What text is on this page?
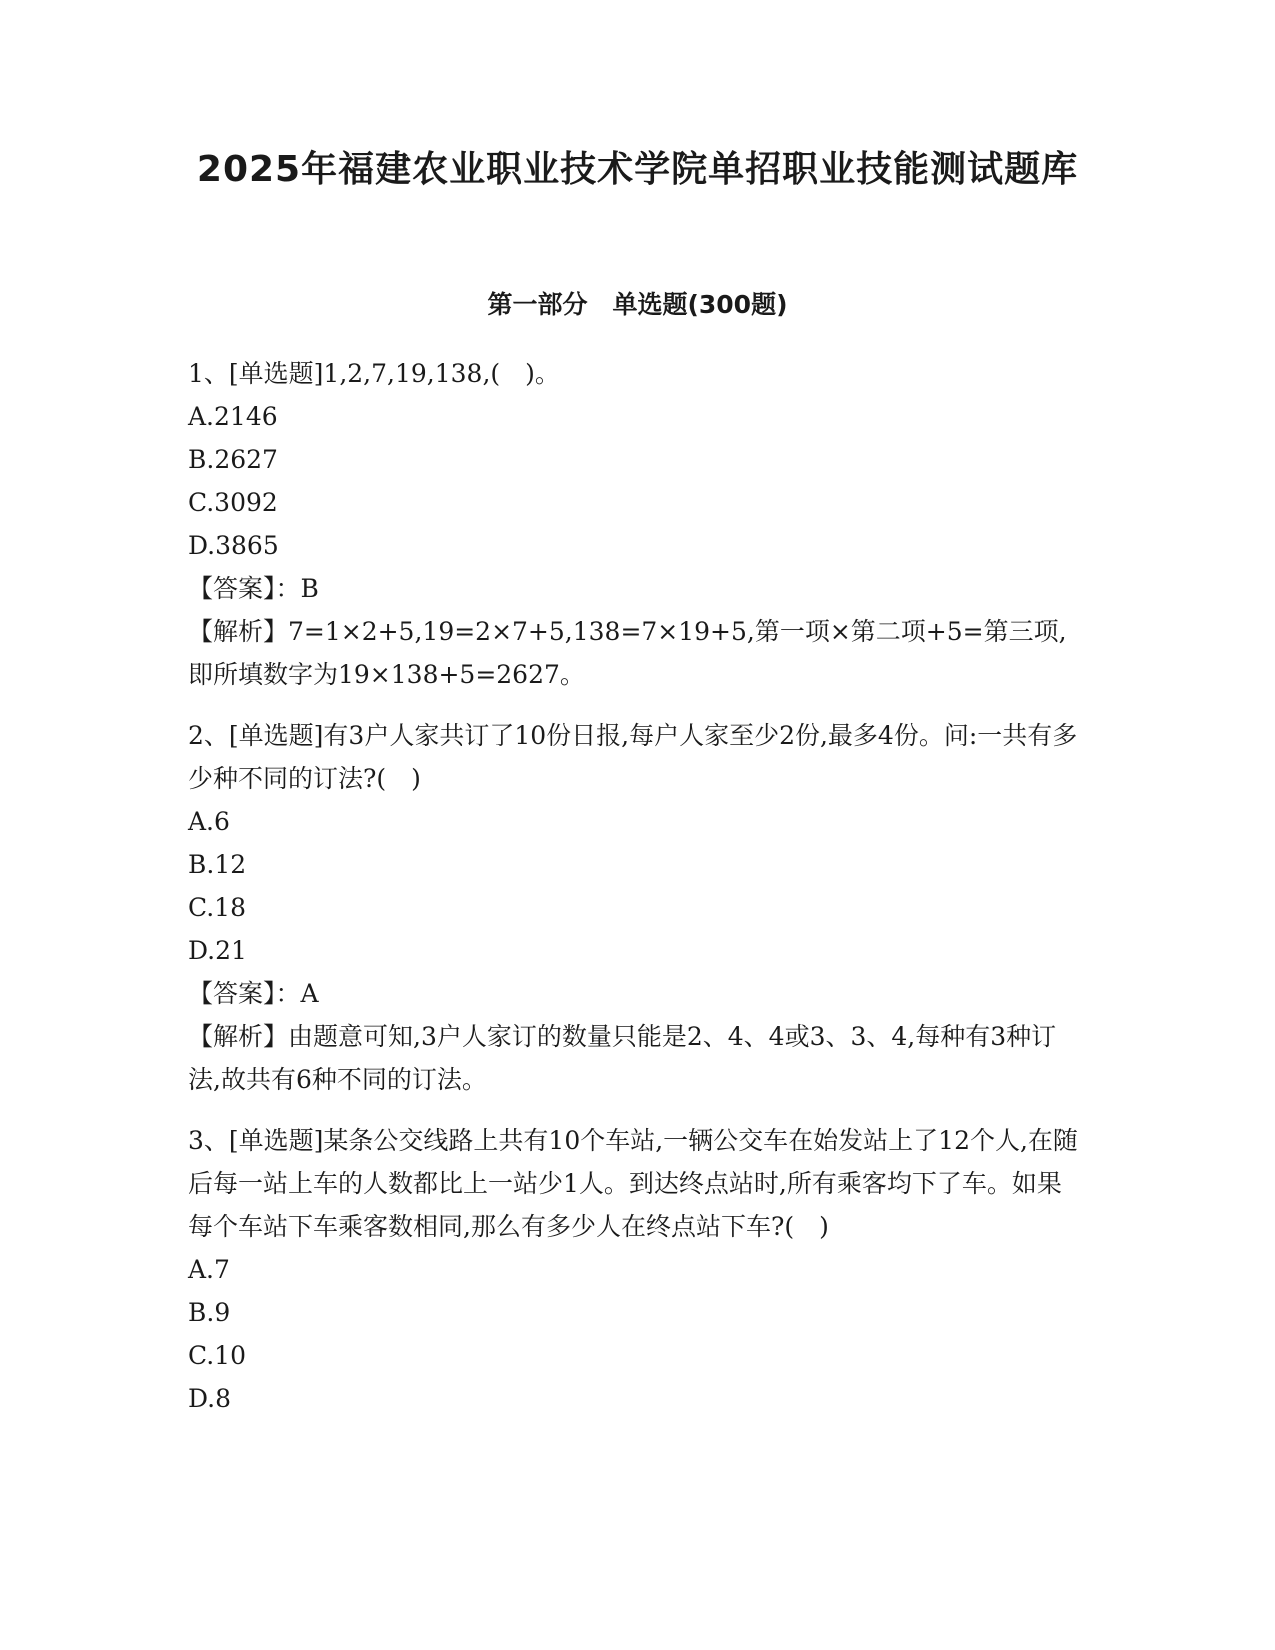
2025年福建农业职业技术学院单招职业技能测试题库
第一部分　单选题(300题)

1、[单选题]1,2,7,19,138,(　)。

A.2146

B.2627

C.3092

D.3865

【答案】：B

【解析】7=1×2+5,19=2×7+5,138=7×19+5,第一项×第二项+5=第三项,即所填数字为19×138+5=2627。

2、[单选题]有3户人家共订了10份日报,每户人家至少2份,最多4份。问:一共有多少种不同的订法?(　)

A.6

B.12

C.18

D.21

【答案】：A

【解析】由题意可知,3户人家订的数量只能是2、4、4或3、3、4,每种有3种订法,故共有6种不同的订法。

3、[单选题]某条公交线路上共有10个车站,一辆公交车在始发站上了12个人,在随后每一站上车的人数都比上一站少1人。到达终点站时,所有乘客均下了车。如果每个车站下车乘客数相同,那么有多少人在终点站下车?(　)

A.7

B.9

C.10

D.8
